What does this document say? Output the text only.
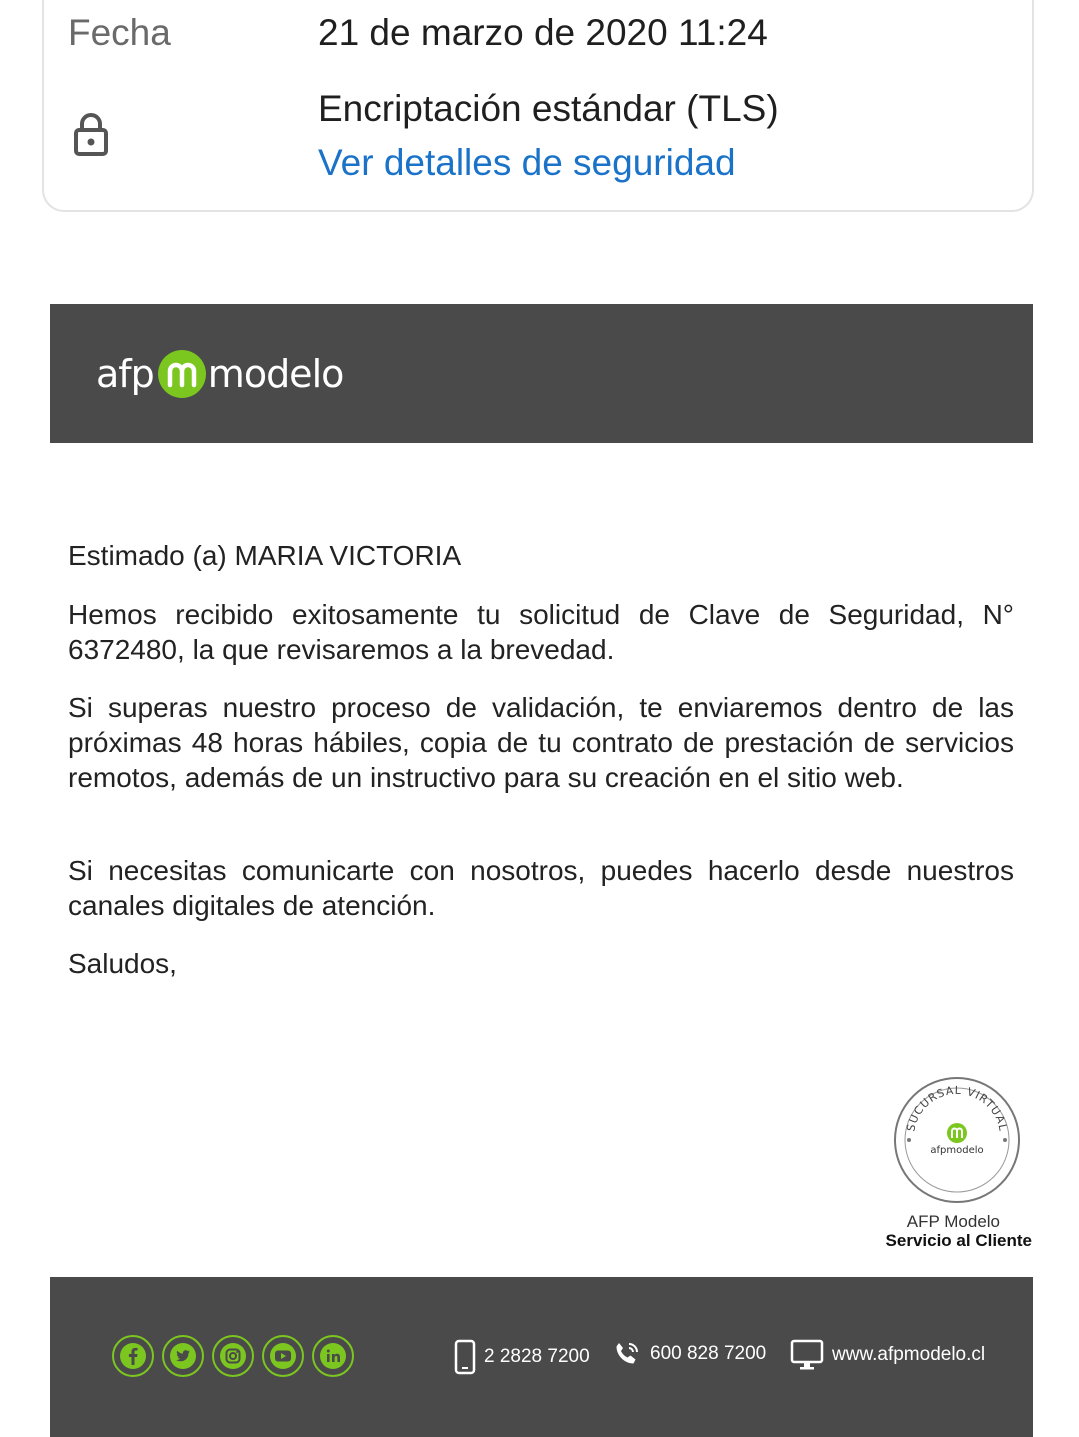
Fecha	21 de marzo de 2020 11:24
Encriptación estándar (TLS)
Ver detalles de seguridad
afp modelo
Estimado (a) MARIA VICTORIA
Hemos recibido exitosamente tu solicitud de Clave de Seguridad, N° 6372480, la que revisaremos a la brevedad.
Si superas nuestro proceso de validación, te enviaremos dentro de las próximas 48 horas hábiles, copia de tu contrato de prestación de servicios remotos, además de un instructivo para su creación en el sitio web.
Si necesitas comunicarte con nosotros, puedes hacerlo desde nuestros canales digitales de atención.
Saludos,
SUCURSAL VIRTUAL
afpmodelo
AFP Modelo
Servicio al Cliente
2 2828 7200	600 828 7200	www.afpmodelo.cl
